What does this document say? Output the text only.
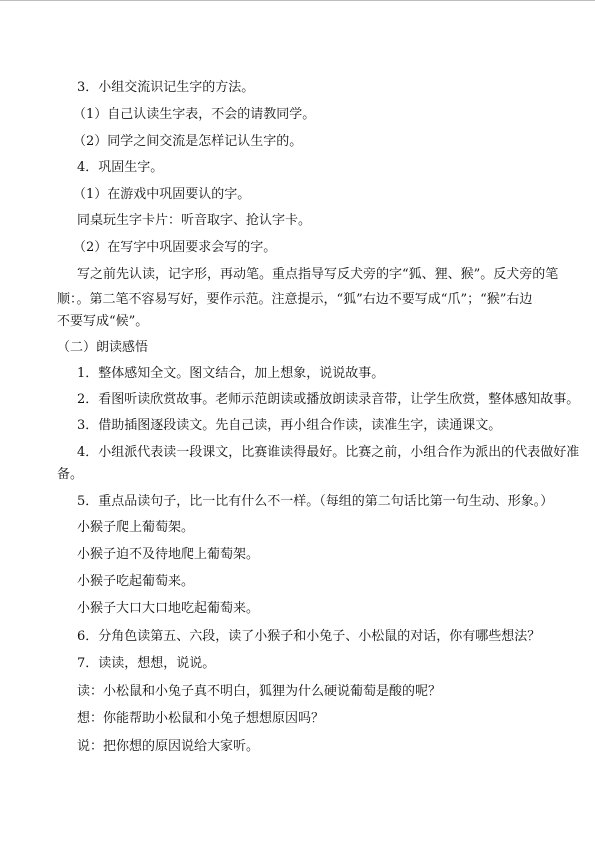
3．小组交流识记生字的方法。
（1）自己认读生字表，不会的请教同学。
（2）同学之间交流是怎样记认生字的。
4．巩固生字。
（1）在游戏中巩固要认的字。
同桌玩生字卡片：听音取字、抢认字卡。
（2）在写字中巩固要求会写的字。
写之前先认读，记字形，再动笔。重点指导写反犬旁的字“狐、狸、猴”。反犬旁的笔
顺：。第二笔不容易写好，要作示范。注意提示，“狐”右边不要写成“爪”；“猴”右边
不要写成“候”。
（二）朗读感悟
1．整体感知全文。图文结合，加上想象，说说故事。
2．看图听读欣赏故事。老师示范朗读或播放朗读录音带，让学生欣赏，整体感知故事。
3．借助插图逐段读文。先自己读，再小组合作读，读准生字，读通课文。
4．小组派代表读一段课文，比赛谁读得最好。比赛之前，小组合作为派出的代表做好准
备。
5．重点品读句子，比一比有什么不一样。（每组的第二句话比第一句生动、形象。）
小猴子爬上葡萄架。
小猴子迫不及待地爬上葡萄架。
小猴子吃起葡萄来。
小猴子大口大口地吃起葡萄来。
6．分角色读第五、六段，读了小猴子和小兔子、小松鼠的对话，你有哪些想法？
7．读读，想想，说说。
读：小松鼠和小兔子真不明白，狐狸为什么硬说葡萄是酸的呢？
想：你能帮助小松鼠和小兔子想想原因吗？
说：把你想的原因说给大家听。
